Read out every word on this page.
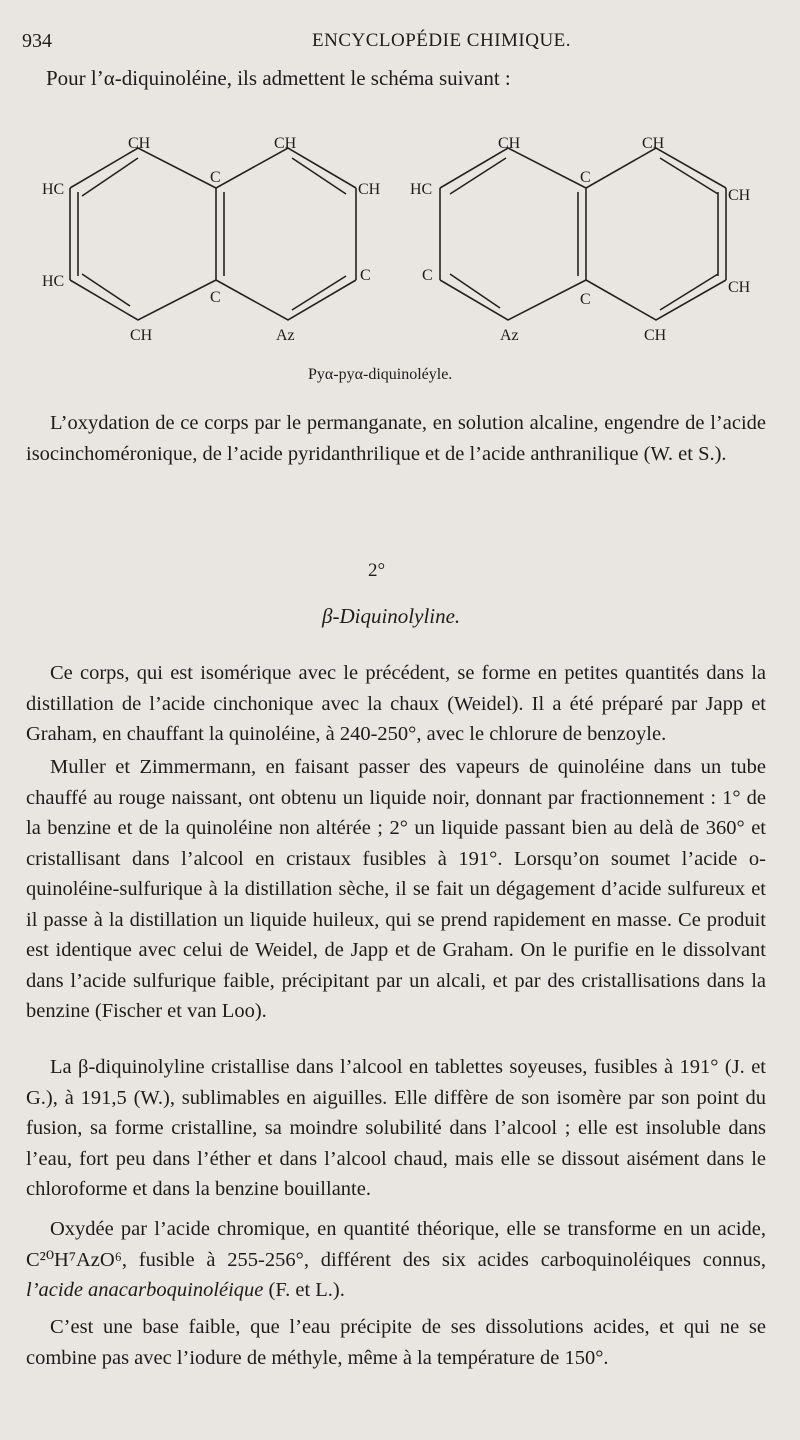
934	ENCYCLOPÉDIE CHIMIQUE.
Pour l’α-diquinoléine, ils admettent le schéma suivant :
CH	CH
C
HC	CH
HC	C
C
CH	Az
CH	CH
C
HC	CH
C
CH
C
Az	CH
Pyα-pyα-diquinoléyle.

L’oxydation de ce corps par le permanganate, en solution alcaline, engendre de l’acide isocinchoméronique, de l’acide pyridanthrilique et de l’acide anthranilique (W. et S.).

2°
β-Diquinolyline.

Ce corps, qui est isomérique avec le précédent, se forme en petites quantités dans la distillation de l’acide cinchonique avec la chaux (Weidel). Il a été préparé par Japp et Graham, en chauffant la quinoléine, à 240-250°, avec le chlorure de benzoyle.

Muller et Zimmermann, en faisant passer des vapeurs de quinoléine dans un tube chauffé au rouge naissant, ont obtenu un liquide noir, donnant par fractionnement : 1° de la benzine et de la quinoléine non altérée ; 2° un liquide passant bien au delà de 360° et cristallisant dans l’alcool en cristaux fusibles à 191°. Lorsqu’on soumet l’acide o-quinoléine-sulfurique à la distillation sèche, il se fait un dégagement d’acide sulfureux et il passe à la distillation un liquide huileux, qui se prend rapidement en masse. Ce produit est identique avec celui de Weidel, de Japp et de Graham. On le purifie en le dissolvant dans l’acide sulfurique faible, précipitant par un alcali, et par des cristallisations dans la benzine (Fischer et van Loo).

La β-diquinolyline cristallise dans l’alcool en tablettes soyeuses, fusibles à 191° (J. et G.), à 191,5 (W.), sublimables en aiguilles. Elle diffère de son isomère par son point du fusion, sa forme cristalline, sa moindre solubilité dans l’alcool ; elle est insoluble dans l’eau, fort peu dans l’éther et dans l’alcool chaud, mais elle se dissout aisément dans le chloroforme et dans la benzine bouillante.

Oxydée par l’acide chromique, en quantité théorique, elle se transforme en un acide, C²⁰H⁷AzO⁶, fusible à 255-256°, différent des six acides carboquinoléiques connus, l’acide anacarboquinoléique (F. et L.).

C’est une base faible, que l’eau précipite de ses dissolutions acides, et qui ne se combine pas avec l’iodure de méthyle, même à la température de 150°.
